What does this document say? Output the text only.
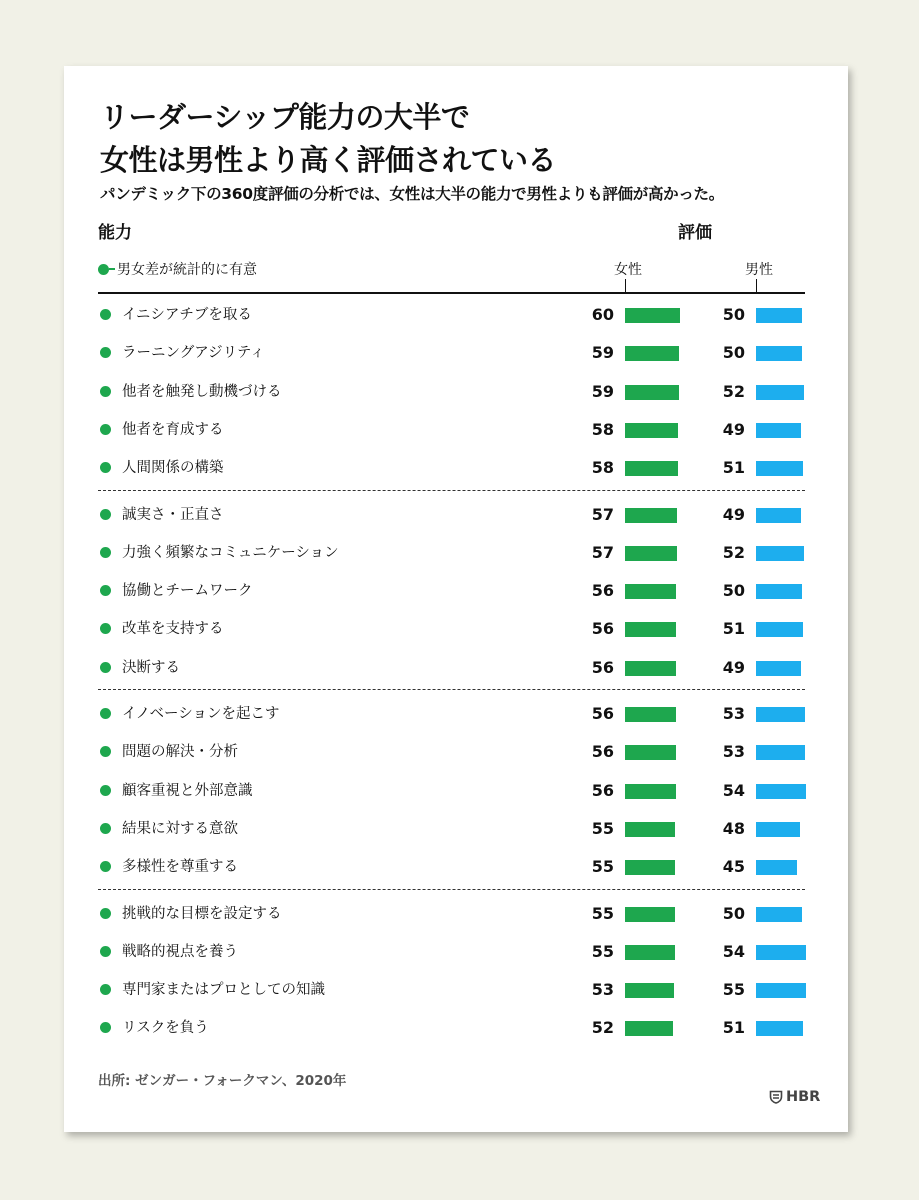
リーダーシップ能力の大半で
女性は男性より高く評価されている
パンデミック下の360度評価の分析では、女性は大半の能力で男性よりも評価が高かった。
能力	評価
男女差が統計的に有意	女性	男性
イニシアチブを取る	60	50
ラーニングアジリティ	59	50
他者を触発し動機づける	59	52
他者を育成する	58	49
人間関係の構築	58	51
誠実さ・正直さ	57	49
力強く頻繁なコミュニケーション	57	52
協働とチームワーク	56	50
改革を支持する	56	51
決断する	56	49
イノベーションを起こす	56	53
問題の解決・分析	56	53
顧客重視と外部意識	56	54
結果に対する意欲	55	48
多様性を尊重する	55	45
挑戦的な目標を設定する	55	50
戦略的視点を養う	55	54
専門家またはプロとしての知識	53	55
リスクを負う	52	51
出所: ゼンガー・フォークマン、2020年
HBR
